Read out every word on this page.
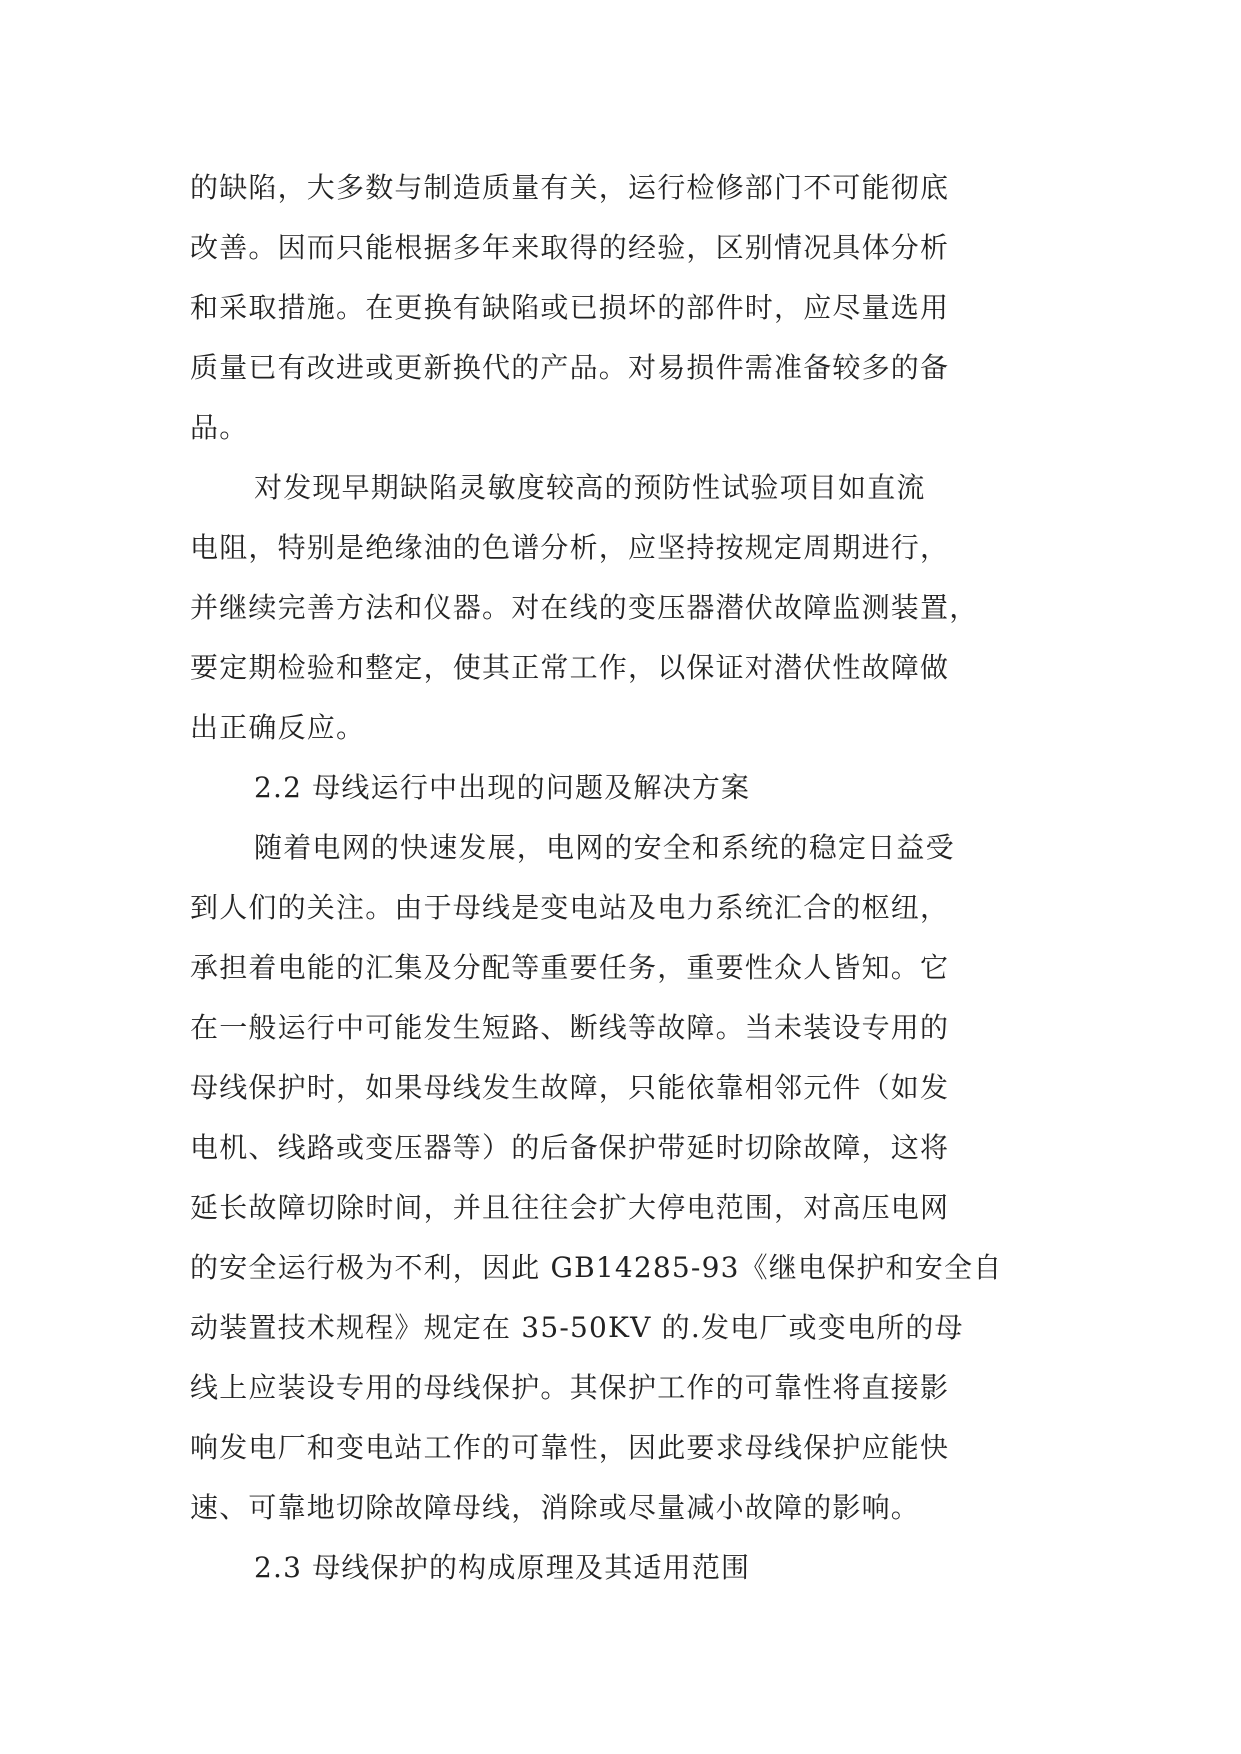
的缺陷，大多数与制造质量有关，运行检修部门不可能彻底
改善。因而只能根据多年来取得的经验，区别情况具体分析
和采取措施。在更换有缺陷或已损坏的部件时，应尽量选用
质量已有改进或更新换代的产品。对易损件需准备较多的备
品。
对发现早期缺陷灵敏度较高的预防性试验项目如直流
电阻，特别是绝缘油的色谱分析，应坚持按规定周期进行，
并继续完善方法和仪器。对在线的变压器潜伏故障监测装置，
要定期检验和整定，使其正常工作，以保证对潜伏性故障做
出正确反应。
2.2 母线运行中出现的问题及解决方案
随着电网的快速发展，电网的安全和系统的稳定日益受
到人们的关注。由于母线是变电站及电力系统汇合的枢纽，
承担着电能的汇集及分配等重要任务，重要性众人皆知。它
在一般运行中可能发生短路、断线等故障。当未装设专用的
母线保护时，如果母线发生故障，只能依靠相邻元件（如发
电机、线路或变压器等）的后备保护带延时切除故障，这将
延长故障切除时间，并且往往会扩大停电范围，对高压电网
的安全运行极为不利，因此 GB14285-93《继电保护和安全自
动装置技术规程》规定在 35-50KV 的.发电厂或变电所的母
线上应装设专用的母线保护。其保护工作的可靠性将直接影
响发电厂和变电站工作的可靠性，因此要求母线保护应能快
速、可靠地切除故障母线，消除或尽量减小故障的影响。
2.3 母线保护的构成原理及其适用范围
